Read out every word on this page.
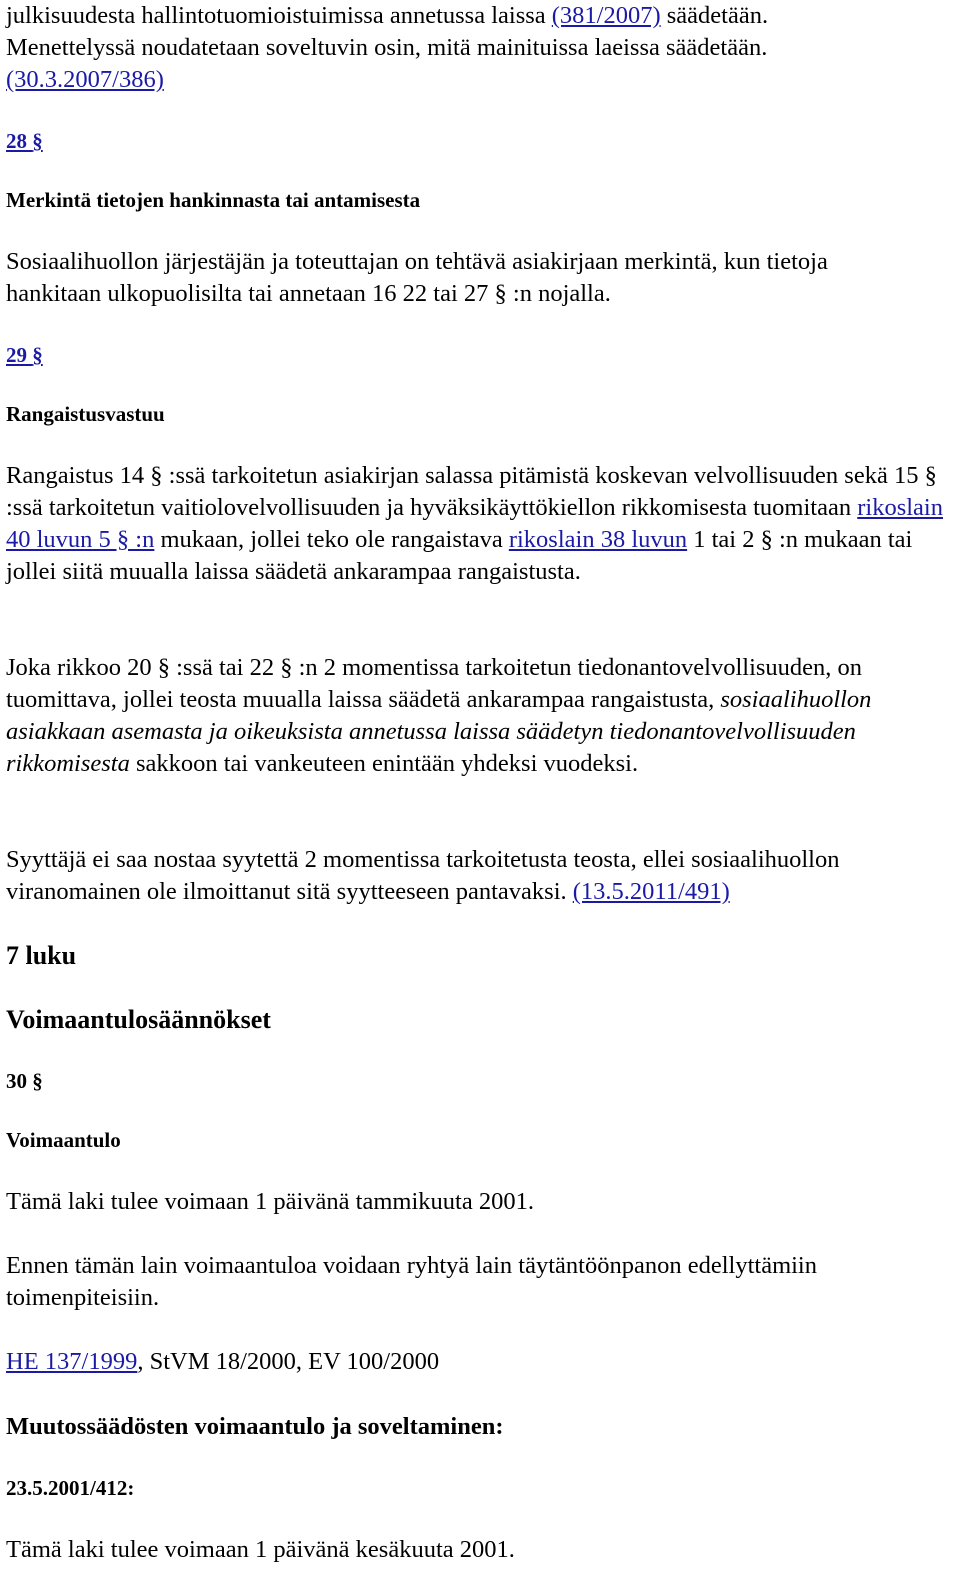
julkisuudesta hallintotuomioistuimissa annetussa laissa (381/2007) säädetään.
Menettelyssä noudatetaan soveltuvin osin, mitä mainituissa laeissa säädetään.
(30.3.2007/386)

28 §

Merkintä tietojen hankinnasta tai antamisesta

Sosiaalihuollon järjestäjän ja toteuttajan on tehtävä asiakirjaan merkintä, kun tietoja
hankitaan ulkopuolisilta tai annetaan 16 22 tai 27 § :n nojalla.

29 §

Rangaistusvastuu

Rangaistus 14 § :ssä tarkoitetun asiakirjan salassa pitämistä koskevan velvollisuuden sekä 15 § :ssä tarkoitetun vaitiolovelvollisuuden ja hyväksikäyttökiellon rikkomisesta tuomitaan rikoslain 40 luvun 5 § :n mukaan, jollei teko ole rangaistava rikoslain 38 luvun 1 tai 2 § :n mukaan tai jollei siitä muualla laissa säädetä ankarampaa rangaistusta.

Joka rikkoo 20 § :ssä tai 22 § :n 2 momentissa tarkoitetun tiedonantovelvollisuuden, on tuomittava, jollei teosta muualla laissa säädetä ankarampaa rangaistusta, sosiaalihuollon asiakkaan asemasta ja oikeuksista annetussa laissa säädetyn tiedonantovelvollisuuden rikkomisesta sakkoon tai vankeuteen enintään yhdeksi vuodeksi.

Syyttäjä ei saa nostaa syytettä 2 momentissa tarkoitetusta teosta, ellei sosiaalihuollon viranomainen ole ilmoittanut sitä syytteeseen pantavaksi. (13.5.2011/491)

7 luku

Voimaantulosäännökset

30 §

Voimaantulo

Tämä laki tulee voimaan 1 päivänä tammikuuta 2001.

Ennen tämän lain voimaantuloa voidaan ryhtyä lain täytäntöönpanon edellyttämiin toimenpiteisiin.

HE 137/1999, StVM 18/2000, EV 100/2000

Muutossäädösten voimaantulo ja soveltaminen:

23.5.2001/412:

Tämä laki tulee voimaan 1 päivänä kesäkuuta 2001.
